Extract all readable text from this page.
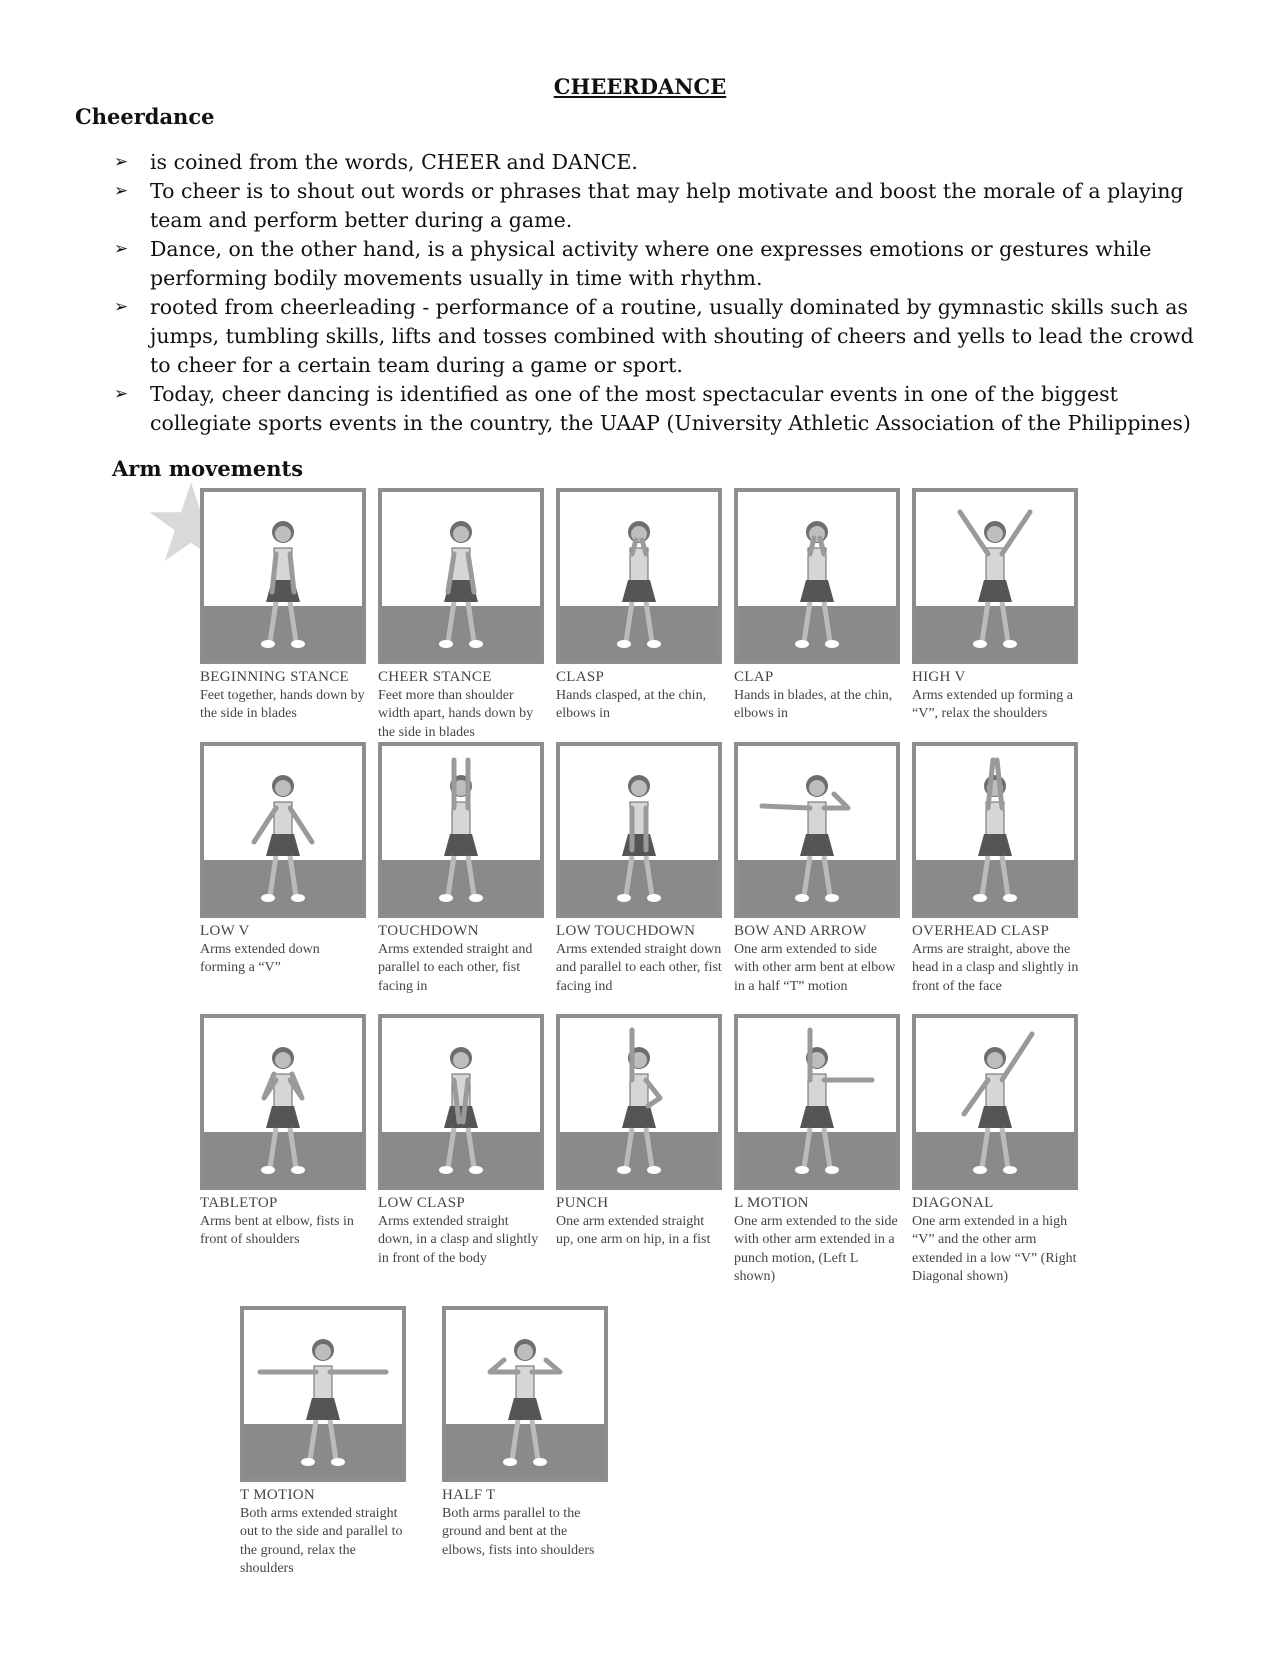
CHEERDANCE
Cheerdance
➢ is coined from the words, CHEER and DANCE.
➢ To cheer is to shout out words or phrases that may help motivate and boost the morale of a playing team and perform better during a game.
➢ Dance, on the other hand, is a physical activity where one expresses emotions or gestures while performing bodily movements usually in time with rhythm.
➢ rooted from cheerleading - performance of a routine, usually dominated by gymnastic skills such as jumps, tumbling skills, lifts and tosses combined with shouting of cheers and yells to lead the crowd to cheer for a certain team during a game or sport.
➢ Today, cheer dancing is identified as one of the most spectacular events in one of the biggest collegiate sports events in the country, the UAAP (University Athletic Association of the Philippines)
Arm movements
BEGINNING STANCE
Feet together, hands down by the side in blades
CHEER STANCE
Feet more than shoulder width apart, hands down by the side in blades
CLASP
Hands clasped, at the chin, elbows in
CLAP
Hands in blades, at the chin, elbows in
HIGH V
Arms extended up forming a “V”, relax the shoulders
LOW V
Arms extended down forming a “V”
TOUCHDOWN
Arms extended straight and parallel to each other, fist facing in
LOW TOUCHDOWN
Arms extended straight down and parallel to each other, fist facing ind
BOW AND ARROW
One arm extended to side with other arm bent at elbow in a half “T” motion
OVERHEAD CLASP
Arms are straight, above the head in a clasp and slightly in front of the face
TABLETOP
Arms bent at elbow, fists in front of shoulders
LOW CLASP
Arms extended straight down, in a clasp and slightly in front of the body
PUNCH
One arm extended straight up, one arm on hip, in a fist
L MOTION
One arm extended to the side with other arm extended in a punch motion, (Left L shown)
DIAGONAL
One arm extended in a high “V” and the other arm extended in a low “V” (Right Diagonal shown)
T MOTION
Both arms extended straight out to the side and parallel to the ground, relax the shoulders
HALF T
Both arms parallel to the ground and bent at the elbows, fists into shoulders
